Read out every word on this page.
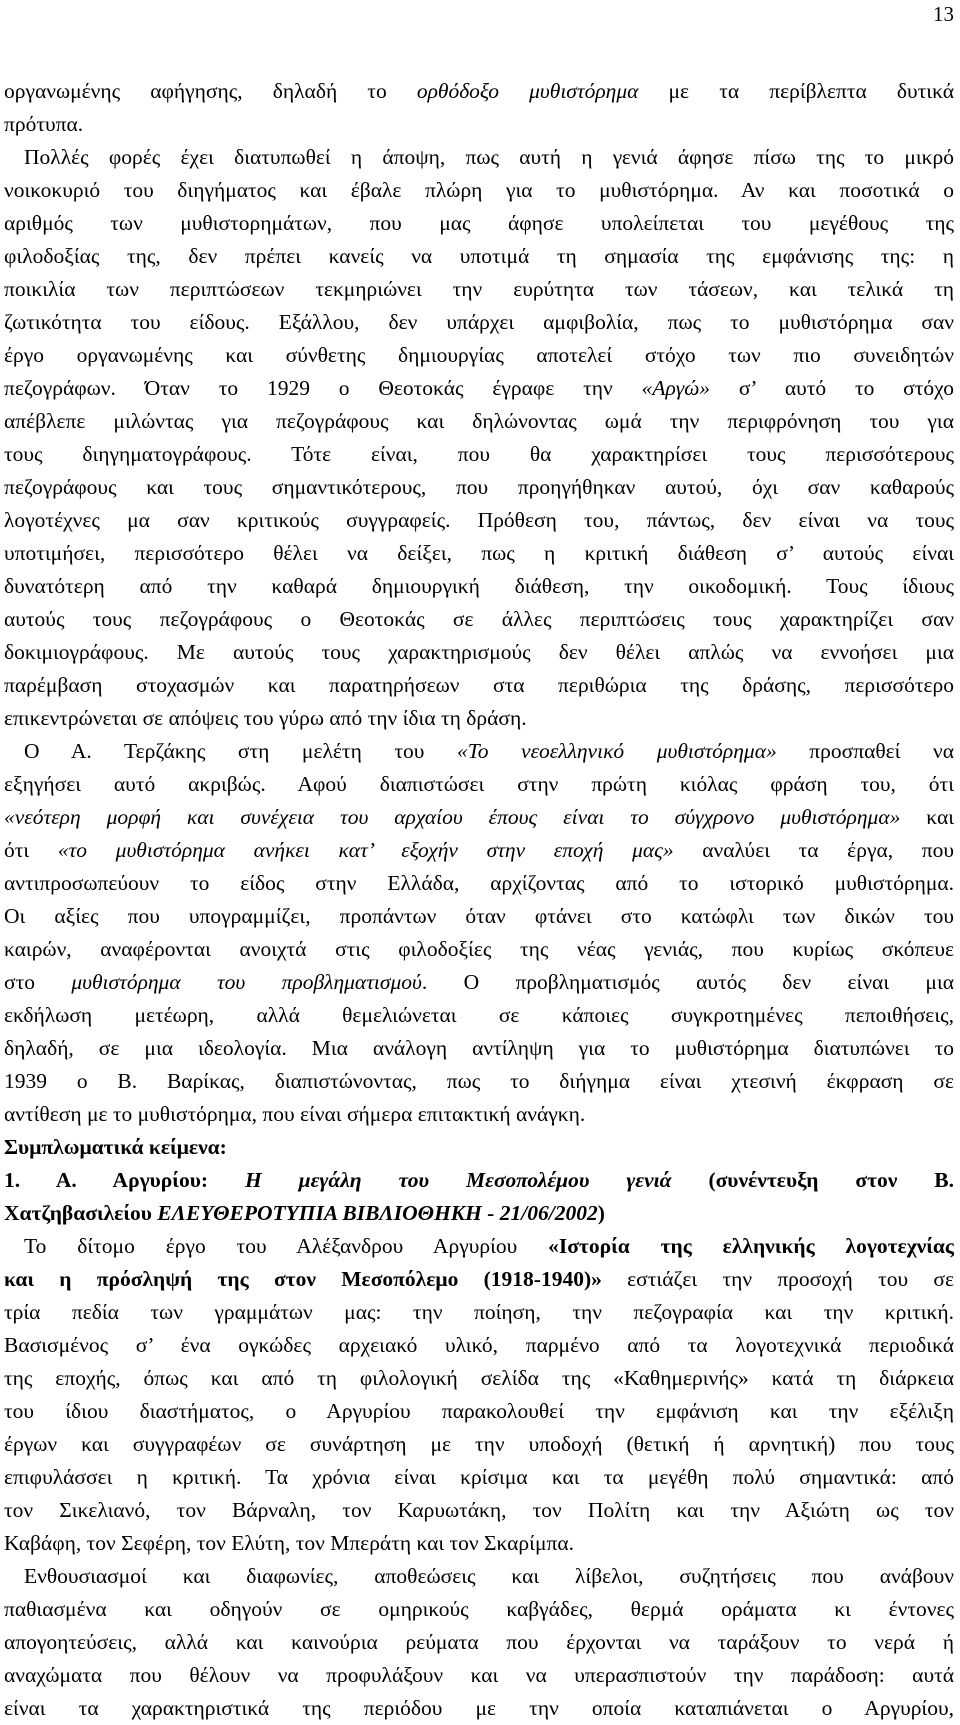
13
οργανωμένης αφήγησης, δηλαδή το ορθόδοξο μυθιστόρημα με τα περίβλεπτα δυτικά
πρότυπα.
Πολλές φορές έχει διατυπωθεί η άποψη, πως αυτή η γενιά άφησε πίσω της το μικρό
νοικοκυριό του διηγήματος και έβαλε πλώρη για το μυθιστόρημα. Αν και ποσοτικά ο
αριθμός των μυθιστορημάτων, που μας άφησε υπολείπεται του μεγέθους της
φιλοδοξίας της, δεν πρέπει κανείς να υποτιμά τη σημασία της εμφάνισης της: η
ποικιλία των περιπτώσεων τεκμηριώνει την ευρύτητα των τάσεων, και τελικά τη
ζωτικότητα του είδους. Εξάλλου, δεν υπάρχει αμφιβολία, πως το μυθιστόρημα σαν
έργο οργανωμένης και σύνθετης δημιουργίας αποτελεί στόχο των πιο συνειδητών
πεζογράφων. Όταν το 1929 ο Θεοτοκάς έγραφε την «Αργώ» σ’ αυτό το στόχο
απέβλεπε μιλώντας για πεζογράφους και δηλώνοντας ωμά την περιφρόνηση του για
τους διηγηματογράφους. Τότε είναι, που θα χαρακτηρίσει τους περισσότερους
πεζογράφους και τους σημαντικότερους, που προηγήθηκαν αυτού, όχι σαν καθαρούς
λογοτέχνες μα σαν κριτικούς συγγραφείς. Πρόθεση του, πάντως, δεν είναι να τους
υποτιμήσει, περισσότερο θέλει να δείξει, πως η κριτική διάθεση σ’ αυτούς είναι
δυνατότερη από την καθαρά δημιουργική διάθεση, την οικοδομική. Τους ίδιους
αυτούς τους πεζογράφους ο Θεοτοκάς σε άλλες περιπτώσεις τους χαρακτηρίζει σαν
δοκιμιογράφους. Με αυτούς τους χαρακτηρισμούς δεν θέλει απλώς να εννοήσει μια
παρέμβαση στοχασμών και παρατηρήσεων στα περιθώρια της δράσης, περισσότερο
επικεντρώνεται σε απόψεις του γύρω από την ίδια τη δράση.
Ο Α. Τερζάκης στη μελέτη του «Το νεοελληνικό μυθιστόρημα» προσπαθεί να
εξηγήσει αυτό ακριβώς. Αφού διαπιστώσει στην πρώτη κιόλας φράση του, ότι
«νεότερη μορφή και συνέχεια του αρχαίου έπους είναι το σύγχρονο μυθιστόρημα» και
ότι «το μυθιστόρημα ανήκει κατ’ εξοχήν στην εποχή μας» αναλύει τα έργα, που
αντιπροσωπεύουν το είδος στην Ελλάδα, αρχίζοντας από το ιστορικό μυθιστόρημα.
Οι αξίες που υπογραμμίζει, προπάντων όταν φτάνει στο κατώφλι των δικών του
καιρών, αναφέρονται ανοιχτά στις φιλοδοξίες της νέας γενιάς, που κυρίως σκόπευε
στο μυθιστόρημα του προβληματισμού. Ο προβληματισμός αυτός δεν είναι μια
εκδήλωση μετέωρη, αλλά θεμελιώνεται σε κάποιες συγκροτημένες πεποιθήσεις,
δηλαδή, σε μια ιδεολογία. Μια ανάλογη αντίληψη για το μυθιστόρημα διατυπώνει το
1939 ο Β. Βαρίκας, διαπιστώνοντας, πως το διήγημα είναι χτεσινή έκφραση σε
αντίθεση με το μυθιστόρημα, που είναι σήμερα επιτακτική ανάγκη.
Συμπλωματικά κείμενα:
1. Α. Αργυρίου: Η μεγάλη του Μεσοπολέμου γενιά (συνέντευξη στον Β.
Χατζηβασιλείου ΕΛΕΥΘΕΡΟΤΥΠΙΑ ΒΙΒΛΙΟΘΗΚΗ - 21/06/2002)
Το δίτομο έργο του Αλέξανδρου Αργυρίου «Ιστορία της ελληνικής λογοτεχνίας
και η πρόσληψή της στον Μεσοπόλεμο (1918-1940)» εστιάζει την προσοχή του σε
τρία πεδία των γραμμάτων μας: την ποίηση, την πεζογραφία και την κριτική.
Βασισμένος σ’ ένα ογκώδες αρχειακό υλικό, παρμένο από τα λογοτεχνικά περιοδικά
της εποχής, όπως και από τη φιλολογική σελίδα της «Καθημερινής» κατά τη διάρκεια
του ίδιου διαστήματος, ο Αργυρίου παρακολουθεί την εμφάνιση και την εξέλιξη
έργων και συγγραφέων σε συνάρτηση με την υποδοχή (θετική ή αρνητική) που τους
επιφυλάσσει η κριτική. Τα χρόνια είναι κρίσιμα και τα μεγέθη πολύ σημαντικά: από
τον Σικελιανό, τον Βάρναλη, τον Καρυωτάκη, τον Πολίτη και την Αξιώτη ως τον
Καβάφη, τον Σεφέρη, τον Ελύτη, τον Μπεράτη και τον Σκαρίμπα.
Ενθουσιασμοί και διαφωνίες, αποθεώσεις και λίβελοι, συζητήσεις που ανάβουν
παθιασμένα και οδηγούν σε ομηρικούς καβγάδες, θερμά οράματα κι έντονες
απογοητεύσεις, αλλά και καινούρια ρεύματα που έρχονται να ταράξουν το νερά ή
αναχώματα που θέλουν να προφυλάξουν και να υπερασπιστούν την παράδοση: αυτά
είναι τα χαρακτηριστικά της περιόδου με την οποία καταπιάνεται ο Αργυρίου,
